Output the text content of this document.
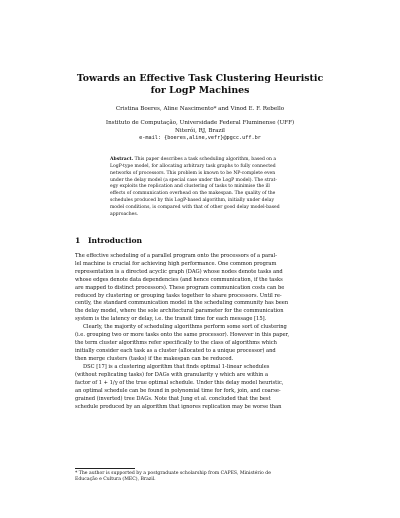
Towards an Effective Task Clustering Heuristic
for LogP Machines
Cristina Boeres, Aline Nascimento* and Vinod E. F. Rebello
Instituto de Computação, Universidade Federal Fluminense (UFF)
Niterói, RJ, Brazil
e-mail: {boeres,aline,vefr}@pgcc.uff.br
Abstract. This paper describes a task scheduling algorithm, based on a
LogP-type model, for allocating arbitrary task graphs to fully connected
networks of processors. This problem is known to be NP-complete even
under the delay model (a special case under the LogP model). The strat-
egy exploits the replication and clustering of tasks to minimise the ill
effects of communication overhead on the makespan. The quality of the
schedules produced by this LogP-based algorithm, initially under delay
model conditions, is compared with that of other good delay model-based
approaches.
1 Introduction
The effective scheduling of a parallel program onto the processors of a paral-
lel machine is crucial for achieving high performance. One common program
representation is a directed acyclic graph (DAG) whose nodes denote tasks and
whose edges denote data dependencies (and hence communication, if the tasks
are mapped to distinct processors). These program communication costs can be
reduced by clustering or grouping tasks together to share processors. Until re-
cently, the standard communication model in the scheduling community has been
the delay model, where the sole architectural parameter for the communication
system is the latency or delay, i.e. the transit time for each message [15].
Clearly, the majority of scheduling algorithms perform some sort of clustering
(i.e. grouping two or more tasks onto the same processor). However in this paper,
the term cluster algorithms refer specifically to the class of algorithms which
initially consider each task as a cluster (allocated to a unique processor) and
then merge clusters (tasks) if the makespan can be reduced.
DSC [17] is a clustering algorithm that finds optimal 1-linear schedules
(without replicating tasks) for DAGs with granularity γ which are within a
factor of 1 + 1/γ of the true optimal schedule. Under this delay model heuristic,
an optimal schedule can be found in polynomial time for fork, join, and coarse-
grained (inverted) tree DAGs. Note that Jung et al. concluded that the best
schedule produced by an algorithm that ignores replication may be worse than
* The author is supported by a postgraduate scholarship from CAPES, Ministério de
Educação e Cultura (MEC), Brazil.
